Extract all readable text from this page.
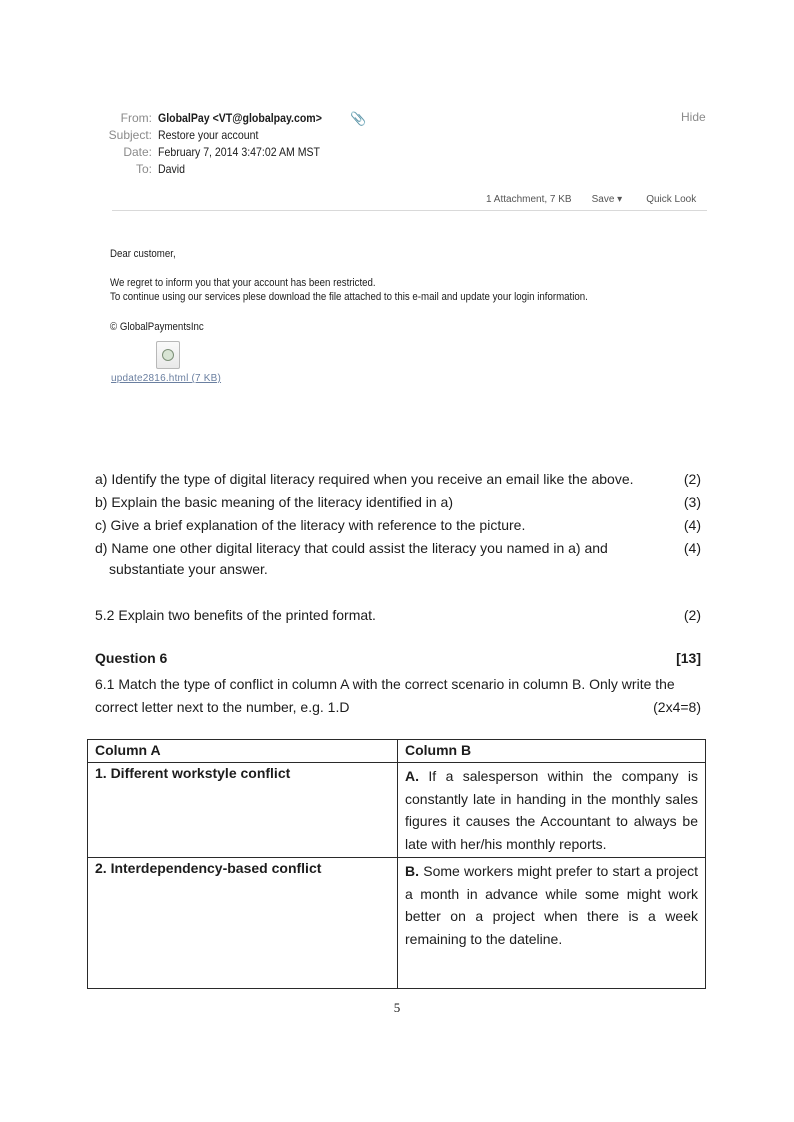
From: GlobalPay <VT@globalpay.com> 📎
Subject: Restore your account
Date: February 7, 2014 3:47:02 AM MST
To: David
Hide
1 Attachment, 7 KB Save ▾ Quick Look

Dear customer,

We regret to inform you that your account has been restricted.

To continue using our services plese download the file attached to this e-mail and update your login information.

© GlobalPaymentsInc

update2816.html (7 KB)
a) Identify the type of digital literacy required when you receive an email like the above.	(2)
b) Explain the basic meaning of the literacy identified in a)	(3)
c) Give a brief explanation of the literacy with reference to the picture.	(4)
d) Name one other digital literacy that could assist the literacy you named in a) and	(4)
substantiate your answer.
5.2 Explain two benefits of the printed format.	(2)
Question 6	[13]
6.1 Match the type of conflict in column A with the correct scenario in column B. Only write the correct letter next to the number, e.g. 1.D	(2x4=8)
Column A	Column B
1. Different workstyle conflict	A. If a salesperson within the company is constantly late in handing in the monthly sales figures it causes the Accountant to always be late with her/his monthly reports.
2. Interdependency-based conflict	B. Some workers might prefer to start a project a month in advance while some might work better on a project when there is a week remaining to the dateline.
5
